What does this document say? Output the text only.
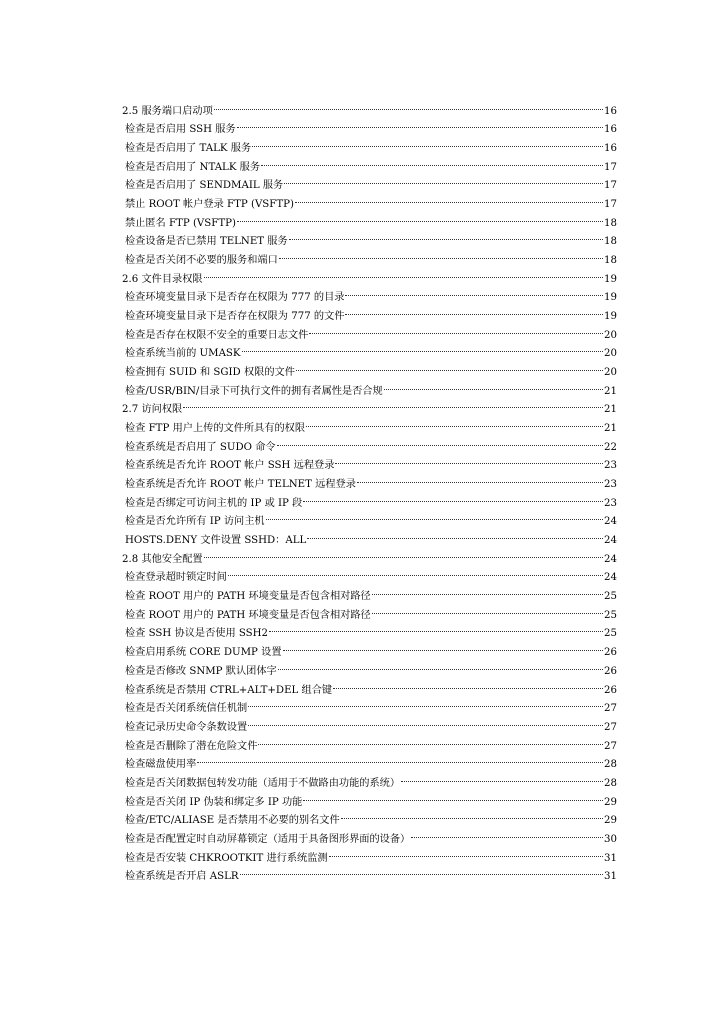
2.5 服务端口启动项	16
检查是否启用 SSH 服务	16
检查是否启用了 TALK 服务	16
检查是否启用了 NTALK 服务	17
检查是否启用了 SENDMAIL 服务	17
禁止 ROOT 帐户登录 FTP (VSFTP)	17
禁止匿名 FTP (VSFTP)	18
检查设备是否已禁用 TELNET 服务	18
检查是否关闭不必要的服务和端口	18
2.6 文件目录权限	19
检查环境变量目录下是否存在权限为 777 的目录	19
检查环境变量目录下是否存在权限为 777 的文件	19
检查是否存在权限不安全的重要日志文件	20
检查系统当前的 UMASK	20
检查拥有 SUID 和 SGID 权限的文件	20
检查/USR/BIN/目录下可执行文件的拥有者属性是否合规	21
2.7 访问权限	21
检查 FTP 用户上传的文件所具有的权限	21
检查系统是否启用了 SUDO 命令	22
检查系统是否允许 ROOT 帐户 SSH 远程登录	23
检查系统是否允许 ROOT 帐户 TELNET 远程登录	23
检查是否绑定可访问主机的 IP 或 IP 段	23
检查是否允许所有 IP 访问主机	24
HOSTS.DENY 文件设置 SSHD：ALL	24
2.8 其他安全配置	24
检查登录超时锁定时间	24
检查 ROOT 用户的 PATH 环境变量是否包含相对路径	25
检查 ROOT 用户的 PATH 环境变量是否包含相对路径	25
检查 SSH 协议是否使用 SSH2	25
检查启用系统 CORE DUMP 设置	26
检查是否修改 SNMP 默认团体字	26
检查系统是否禁用 CTRL+ALT+DEL 组合键	26
检查是否关闭系统信任机制	27
检查记录历史命令条数设置	27
检查是否删除了潜在危险文件	27
检查磁盘使用率	28
检查是否关闭数据包转发功能（适用于不做路由功能的系统）	28
检查是否关闭 IP 伪装和绑定多 IP 功能	29
检查/ETC/ALIASE 是否禁用不必要的别名文件	29
检查是否配置定时自动屏幕锁定（适用于具备图形界面的设备）	30
检查是否安装 CHKROOTKIT 进行系统监测	31
检查系统是否开启 ASLR	31
